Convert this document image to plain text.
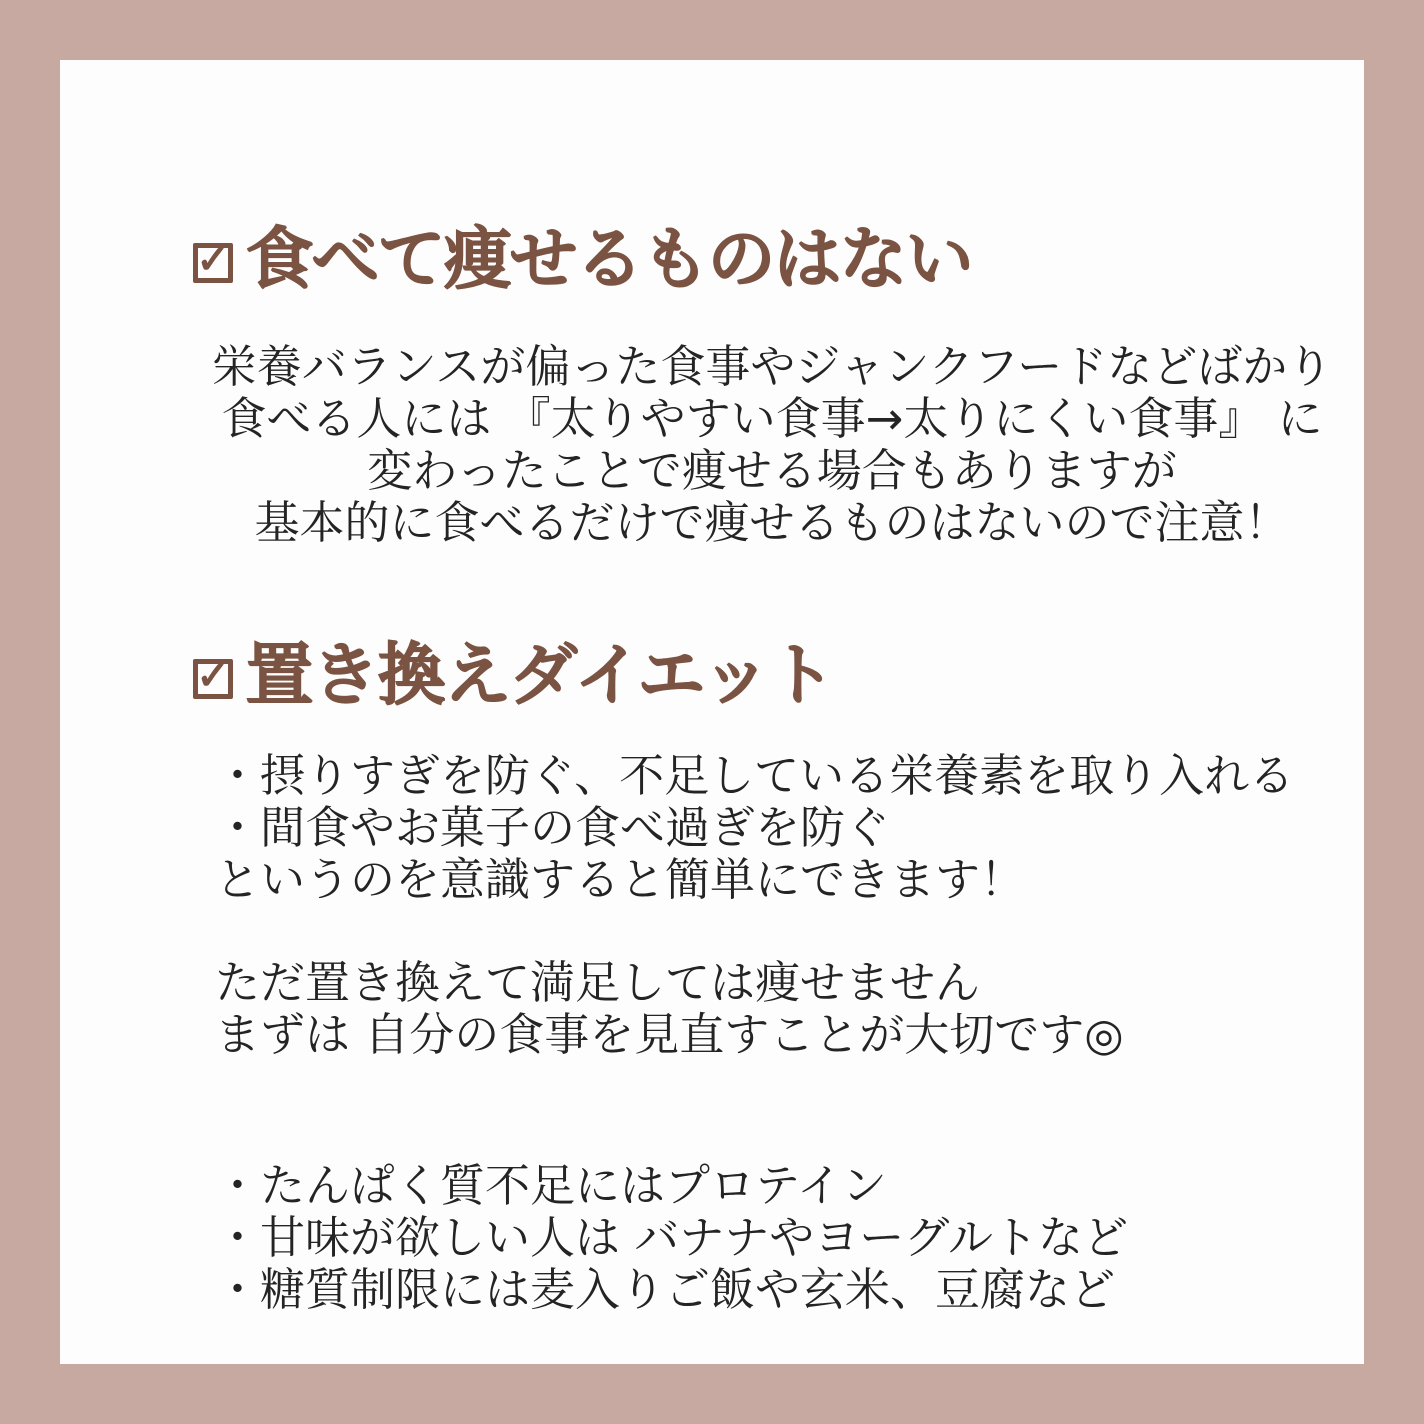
✓ 食べて痩せるものはない
栄養バランスが偏った食事やジャンクフードなどばかり
食べる人には 『太りやすい食事→太りにくい食事』 に
変わったことで痩せる場合もありますが
基本的に食べるだけで痩せるものはないので注意！
✓ 置き換えダイエット
・摂りすぎを防ぐ、不足している栄養素を取り入れる
・間食やお菓子の食べ過ぎを防ぐ
というのを意識すると簡単にできます！
ただ置き換えて満足しては痩せません
まずは 自分の食事を見直すことが大切です◎
・たんぱく質不足にはプロテイン
・甘味が欲しい人は バナナやヨーグルトなど
・糖質制限には麦入りご飯や玄米、豆腐など
